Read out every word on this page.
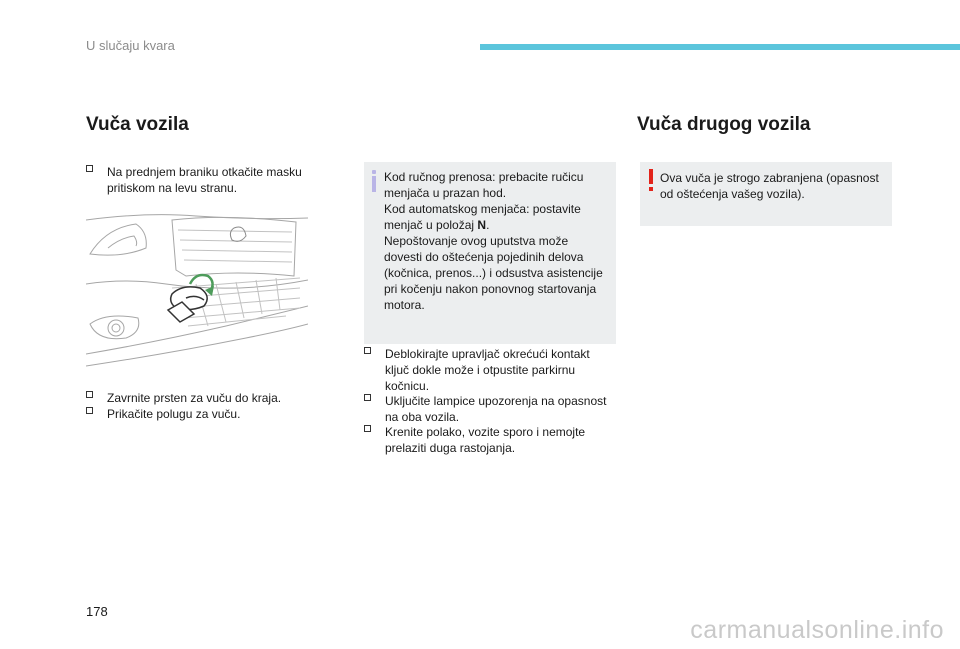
U slučaju kvara
Vuča vozila
Na prednjem braniku otkačite masku pritiskom na levu stranu.
Zavrnite prsten za vuču do kraja.
Prikačite polugu za vuču.
Kod ručnog prenosa: prebacite ručicu menjača u prazan hod.
Kod automatskog menjača: postavite menjač u položaj N.
Nepoštovanje ovog uputstva može dovesti do oštećenja pojedinih delova (kočnica, prenos...) i odsustva asistencije pri kočenju nakon ponovnog startovanja motora.
Deblokirajte upravljač okrećući kontakt ključ dokle može i otpustite parkirnu kočnicu.
Uključite lampice upozorenja na opasnost na oba vozila.
Krenite polako, vozite sporo i nemojte prelaziti duga rastojanja.
Vuča drugog vozila
Ova vuča je strogo zabranjena (opasnost od oštećenja vašeg vozila).
178
carmanualsonline.info
